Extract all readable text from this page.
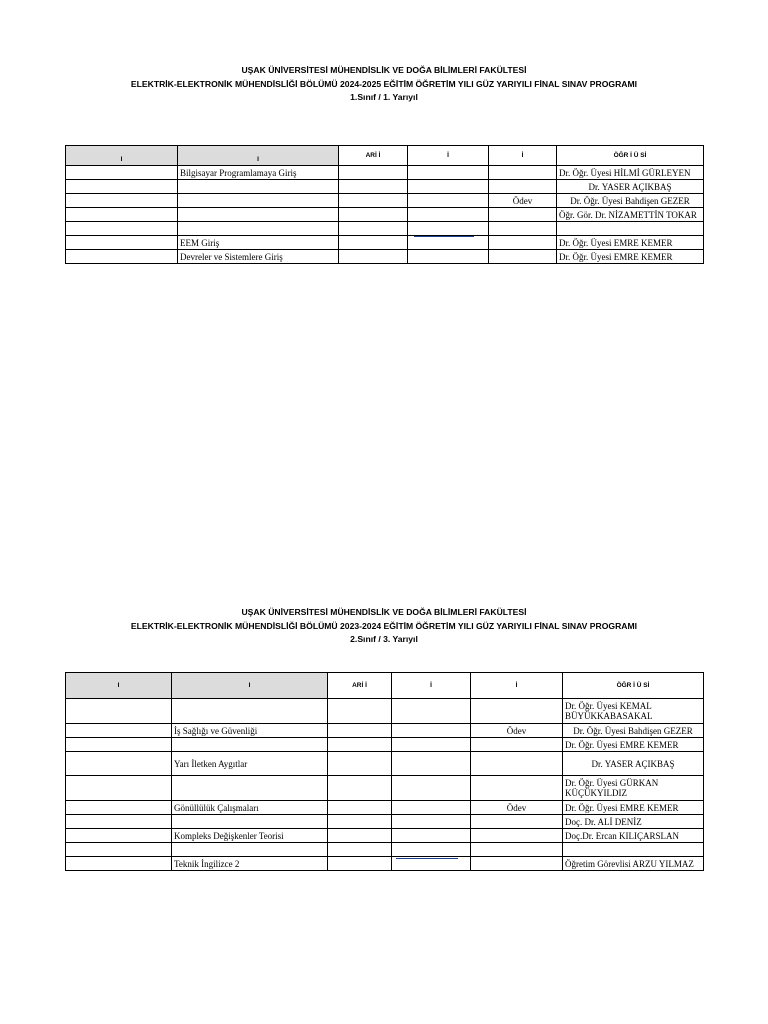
UŞAK ÜNİVERSİTESİ MÜHENDİSLİK VE DOĞA BİLİMLERİ FAKÜLTESİ
ELEKTRİK-ELEKTRONİK MÜHENDİSLİĞİ BÖLÜMÜ 2024-2025 EĞİTİM ÖĞRETİM YILI GÜZ YARIYILI FİNAL SINAV PROGRAMI
1.Sınıf / 1. Yarıyıl
I	I	ARİ İ	İ	İ	ÖĞR İ Ü Sİ
	Bilgisayar Programlamaya Giriş				Dr. Öğr. Üyesi HİLMİ GÜRLEYEN
					Dr. YASER AÇIKBAŞ
				Ödev	Dr. Öğr. Üyesi Bahdişen GEZER
					Öğr. Gör. Dr. NİZAMETTİN TOKAR

	EEM Giriş				Dr. Öğr. Üyesi EMRE KEMER
	Devreler ve Sistemlere Giriş				Dr. Öğr. Üyesi EMRE KEMER
UŞAK ÜNİVERSİTESİ MÜHENDİSLİK VE DOĞA BİLİMLERİ FAKÜLTESİ
ELEKTRİK-ELEKTRONİK MÜHENDİSLİĞİ BÖLÜMÜ 2023-2024 EĞİTİM ÖĞRETİM YILI GÜZ YARIYILI FİNAL SINAV PROGRAMI
2.Sınıf / 3. Yarıyıl
I	I	ARİ İ	İ	İ	ÖĞR İ Ü Sİ
					Dr. Öğr. Üyesi KEMAL BÜYÜKKABASAKAL
	İş Sağlığı ve Güvenliği			Ödev	Dr. Öğr. Üyesi Bahdişen GEZER
					Dr. Öğr. Üyesi EMRE KEMER
	Yarı İletken Aygıtlar				Dr. YASER AÇIKBAŞ
					Dr. Öğr. Üyesi GÜRKAN KÜÇÜKYILDIZ
	Gönüllülük Çalışmaları			Ödev	Dr. Öğr. Üyesi EMRE KEMER
					Doç. Dr. ALİ DENİZ
	Kompleks Değişkenler Teorisi				Doç.Dr. Ercan KILIÇARSLAN

	Teknik İngilizce 2				Öğretim Görevlisi ARZU YILMAZ
